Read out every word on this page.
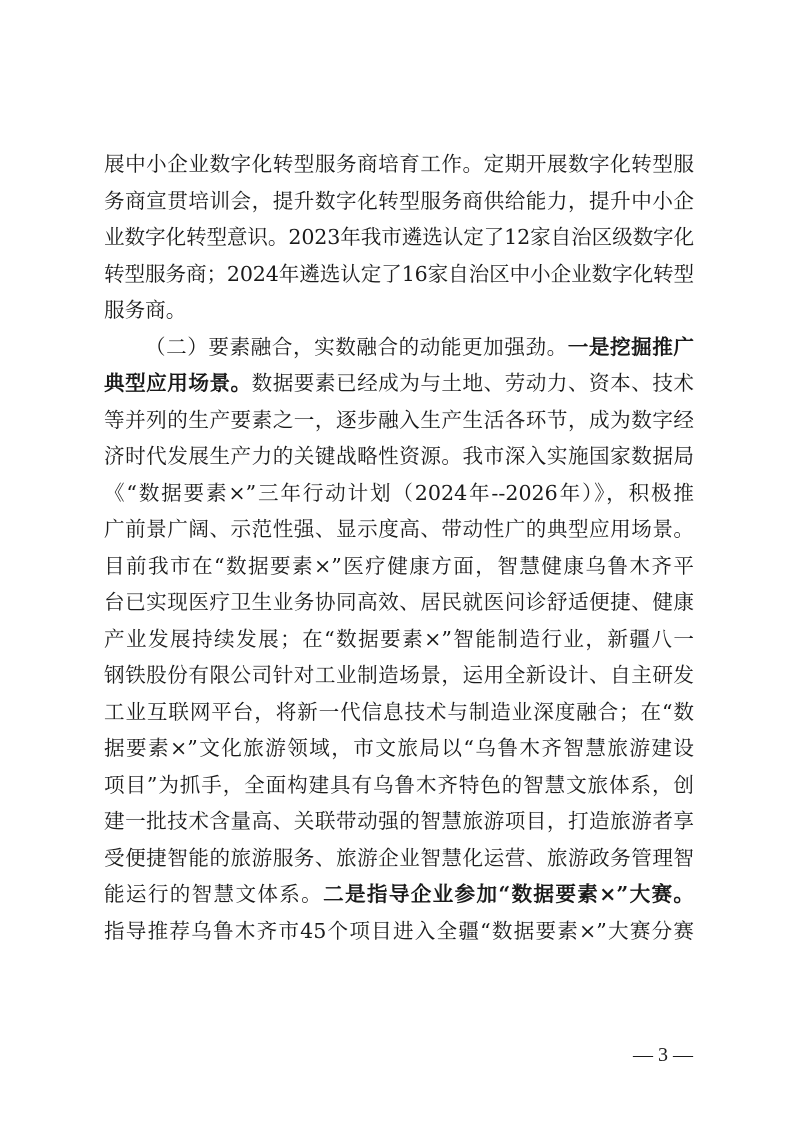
展中小企业数字化转型服务商培育工作。定期开展数字化转型服
务商宣贯培训会，提升数字化转型服务商供给能力，提升中小企
业数字化转型意识。2023年我市遴选认定了12家自治区级数字化
转型服务商；2024年遴选认定了16家自治区中小企业数字化转型
服务商。
（二）要素融合，实数融合的动能更加强劲。一是挖掘推广
典型应用场景。数据要素已经成为与土地、劳动力、资本、技术
等并列的生产要素之一，逐步融入生产生活各环节，成为数字经
济时代发展生产力的关键战略性资源。我市深入实施国家数据局
《“数据要素×”三年行动计划（2024年--2026年）》，积极推
广前景广阔、示范性强、显示度高、带动性广的典型应用场景。
目前我市在“数据要素×”医疗健康方面，智慧健康乌鲁木齐平
台已实现医疗卫生业务协同高效、居民就医问诊舒适便捷、健康
产业发展持续发展；在“数据要素×”智能制造行业，新疆八一
钢铁股份有限公司针对工业制造场景，运用全新设计、自主研发
工业互联网平台，将新一代信息技术与制造业深度融合；在“数
据要素×”文化旅游领域，市文旅局以“乌鲁木齐智慧旅游建设
项目”为抓手，全面构建具有乌鲁木齐特色的智慧文旅体系，创
建一批技术含量高、关联带动强的智慧旅游项目，打造旅游者享
受便捷智能的旅游服务、旅游企业智慧化运营、旅游政务管理智
能运行的智慧文体系。二是指导企业参加“数据要素×”大赛。
指导推荐乌鲁木齐市45个项目进入全疆“数据要素×”大赛分赛
— 3 —
